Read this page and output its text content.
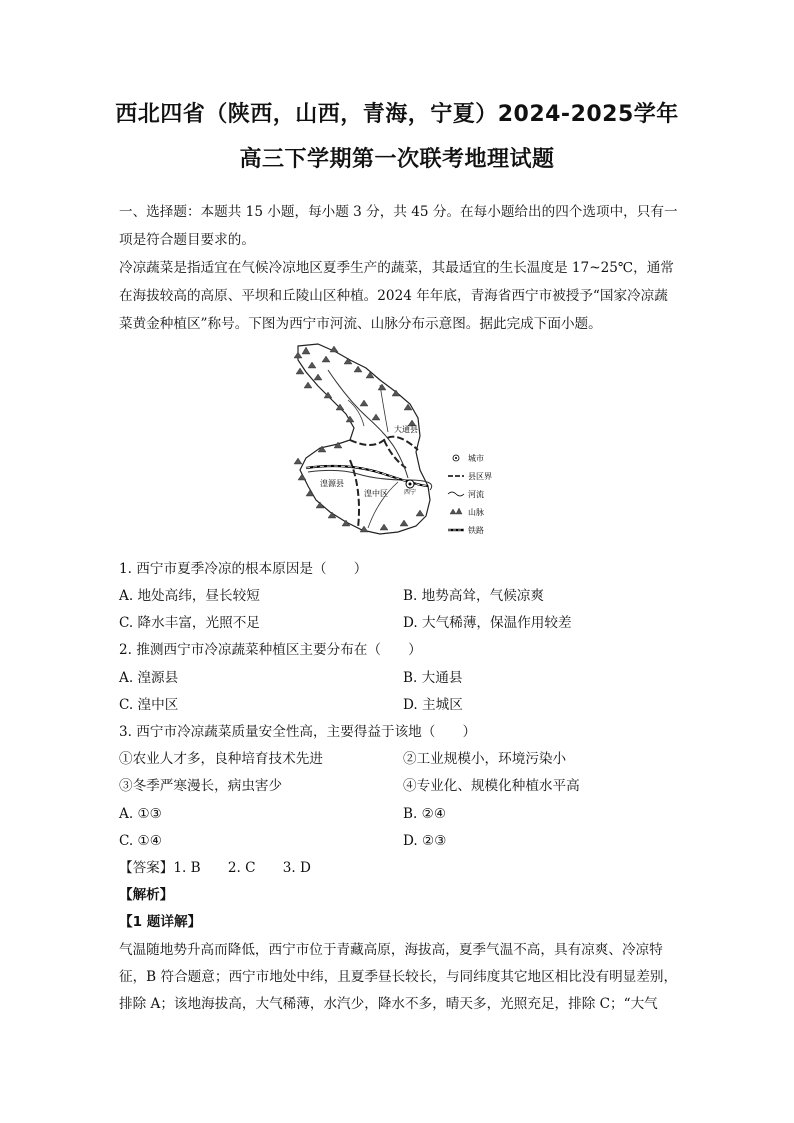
西北四省（陕西，山西，青海，宁夏）2024-2025学年
高三下学期第一次联考地理试题
一、选择题：本题共 15 小题，每小题 3 分，共 45 分。在每小题给出的四个选项中，只有一
项是符合题目要求的。
冷凉蔬菜是指适宜在气候冷凉地区夏季生产的蔬菜，其最适宜的生长温度是 17~25℃，通常
在海拔较高的高原、平坝和丘陵山区种植。2024 年年底，青海省西宁市被授予“国家冷凉蔬
菜黄金种植区”称号。下图为西宁市河流、山脉分布示意图。据此完成下面小题。
大通县
湟源县
湟中区	西宁
城市
县区界
河流
山脉
铁路
1. 西宁市夏季冷凉的根本原因是（　　）
A. 地处高纬，昼长较短	B. 地势高耸，气候凉爽
C. 降水丰富，光照不足	D. 大气稀薄，保温作用较差
2. 推测西宁市冷凉蔬菜种植区主要分布在（　　）
A. 湟源县	B. 大通县
C. 湟中区	D. 主城区
3. 西宁市冷凉蔬菜质量安全性高，主要得益于该地（　　）
①农业人才多，良种培育技术先进	②工业规模小，环境污染小
③冬季严寒漫长，病虫害少	④专业化、规模化种植水平高
A. ①③	B. ②④
C. ①④	D. ②③
【答案】1. B　　2. C　　3. D
【解析】
【1 题详解】
气温随地势升高而降低，西宁市位于青藏高原，海拔高，夏季气温不高，具有凉爽、冷凉特
征，B 符合题意；西宁市地处中纬，且夏季昼长较长，与同纬度其它地区相比没有明显差别，
排除 A；该地海拔高，大气稀薄，水汽少，降水不多，晴天多，光照充足，排除 C；“大气
